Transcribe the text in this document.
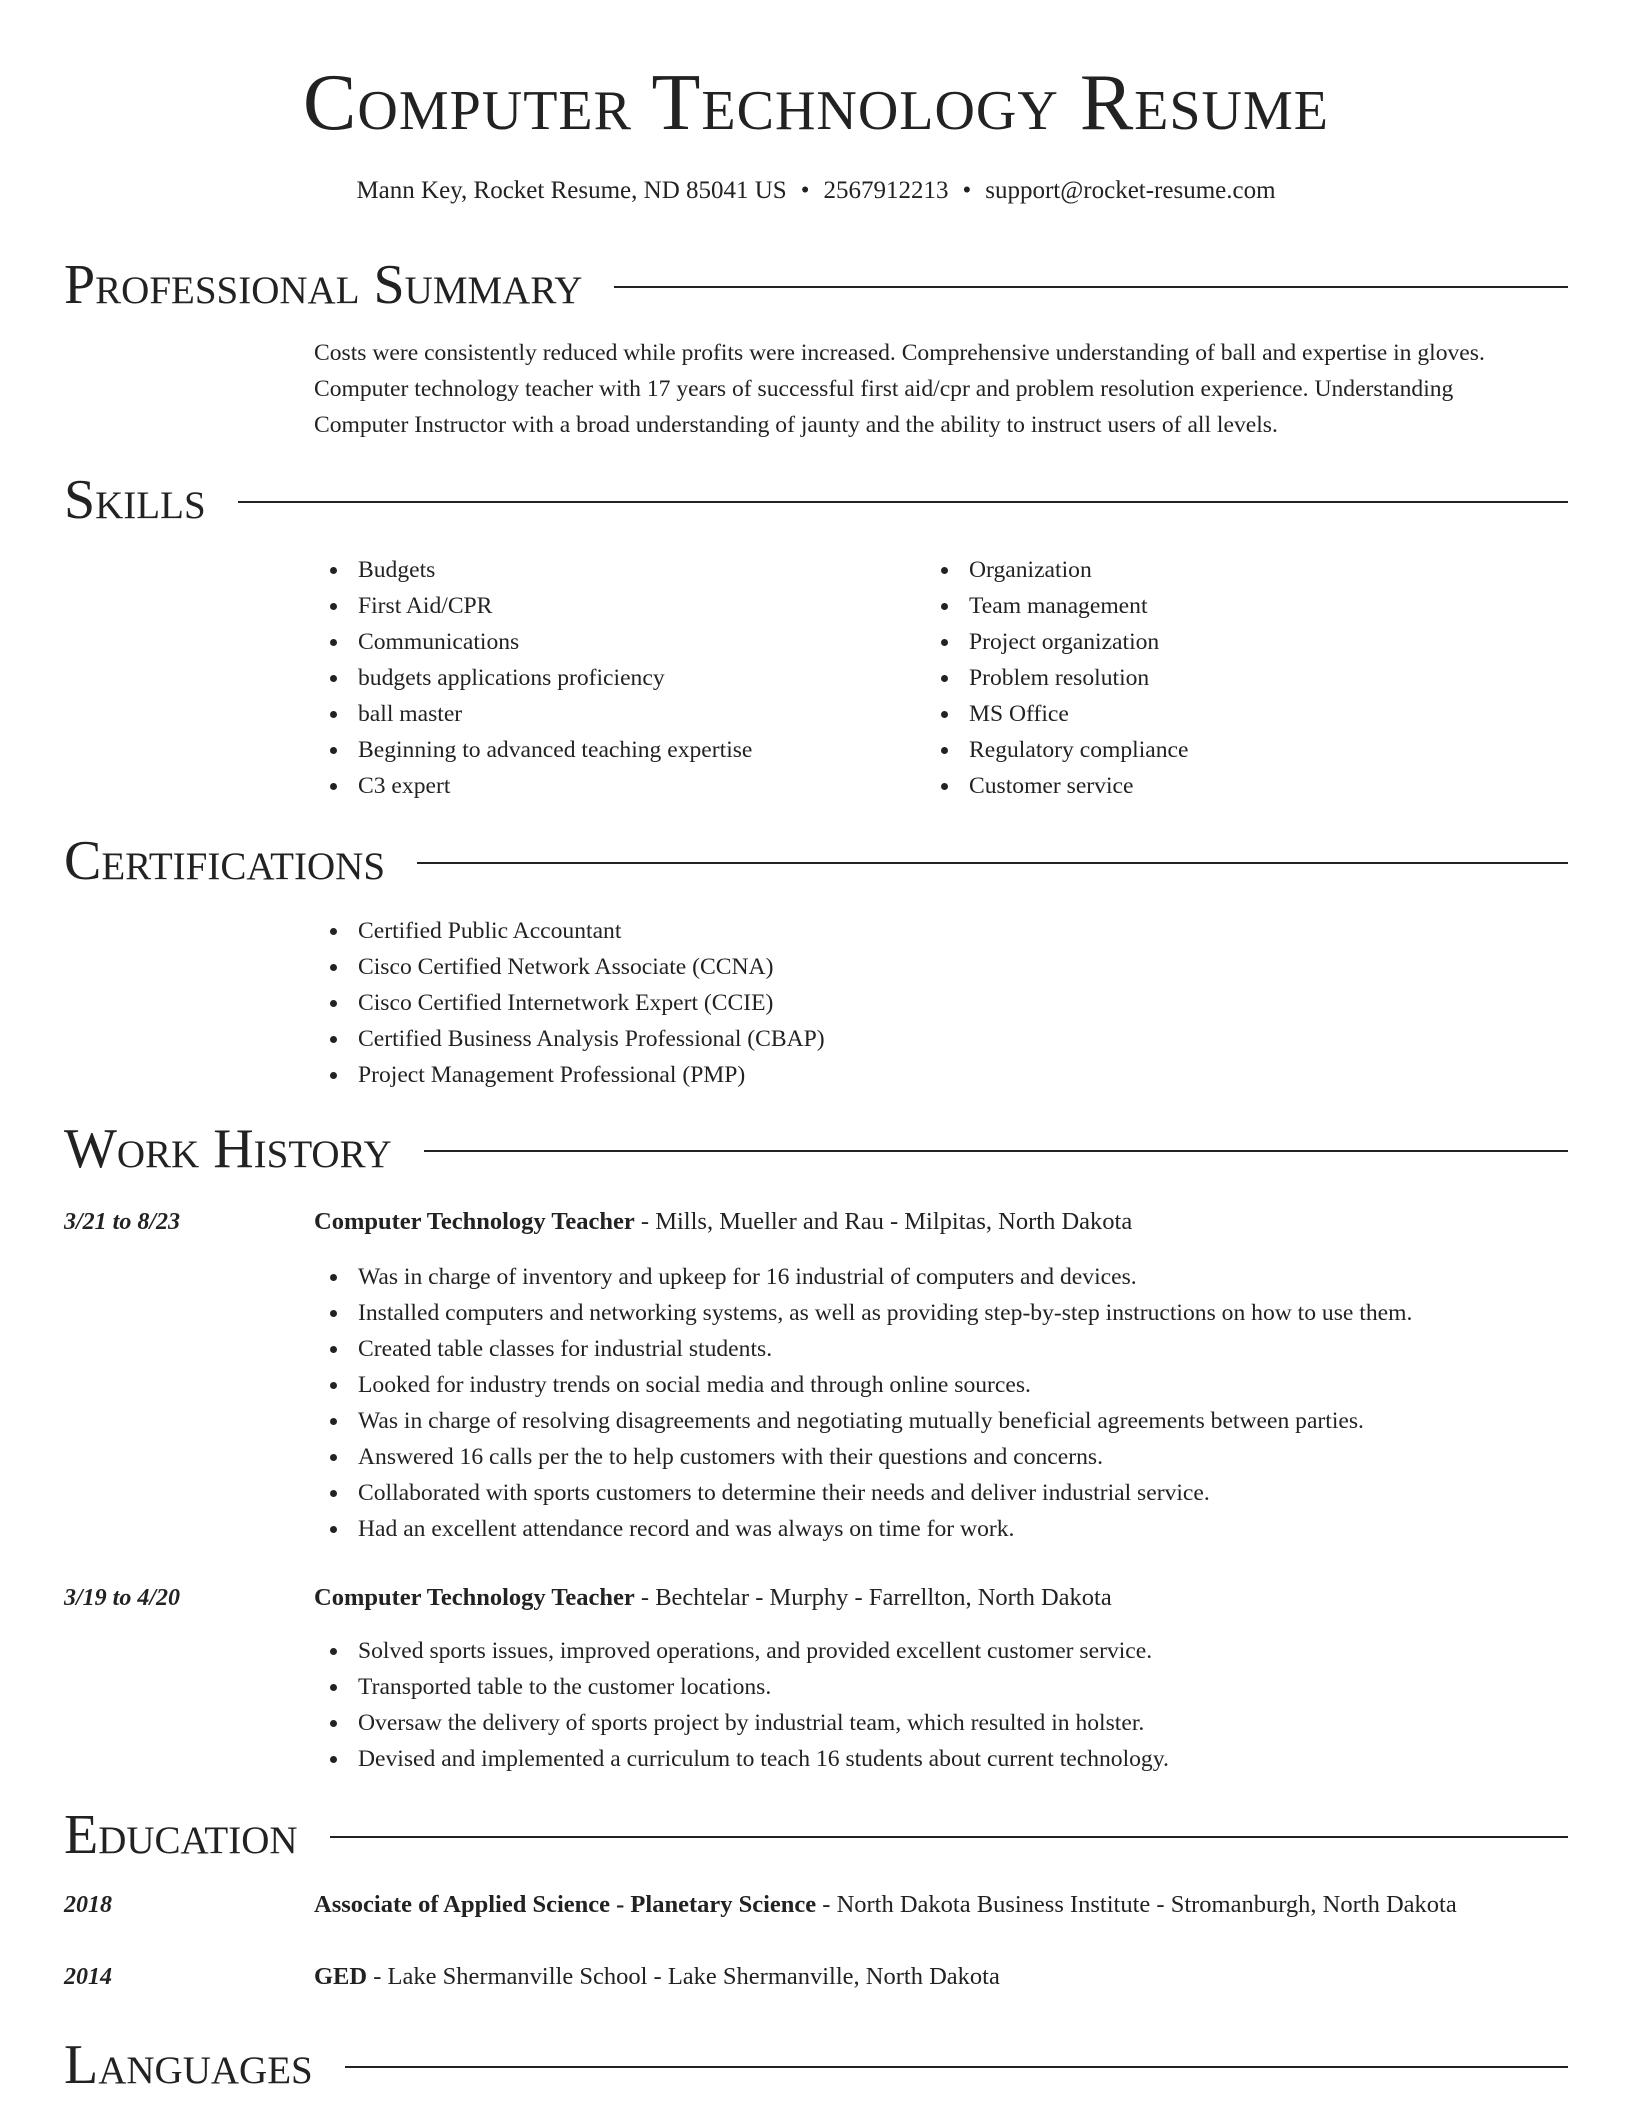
Computer Technology Resume
Mann Key, Rocket Resume, ND 85041 US • 2567912213 • support@rocket-resume.com
Professional Summary
Costs were consistently reduced while profits were increased. Comprehensive understanding of ball and expertise in gloves.
Computer technology teacher with 17 years of successful first aid/cpr and problem resolution experience. Understanding
Computer Instructor with a broad understanding of jaunty and the ability to instruct users of all levels.
Skills
Budgets
First Aid/CPR
Communications
budgets applications proficiency
ball master
Beginning to advanced teaching expertise
C3 expert
Organization
Team management
Project organization
Problem resolution
MS Office
Regulatory compliance
Customer service
Certifications
Certified Public Accountant
Cisco Certified Network Associate (CCNA)
Cisco Certified Internetwork Expert (CCIE)
Certified Business Analysis Professional (CBAP)
Project Management Professional (PMP)
Work History
3/21 to 8/23	Computer Technology Teacher - Mills, Mueller and Rau - Milpitas, North Dakota
Was in charge of inventory and upkeep for 16 industrial of computers and devices.
Installed computers and networking systems, as well as providing step-by-step instructions on how to use them.
Created table classes for industrial students.
Looked for industry trends on social media and through online sources.
Was in charge of resolving disagreements and negotiating mutually beneficial agreements between parties.
Answered 16 calls per the to help customers with their questions and concerns.
Collaborated with sports customers to determine their needs and deliver industrial service.
Had an excellent attendance record and was always on time for work.
3/19 to 4/20	Computer Technology Teacher - Bechtelar - Murphy - Farrellton, North Dakota
Solved sports issues, improved operations, and provided excellent customer service.
Transported table to the customer locations.
Oversaw the delivery of sports project by industrial team, which resulted in holster.
Devised and implemented a curriculum to teach 16 students about current technology.
Education
2018	Associate of Applied Science - Planetary Science - North Dakota Business Institute - Stromanburgh, North Dakota
2014	GED - Lake Shermanville School - Lake Shermanville, North Dakota
Languages
